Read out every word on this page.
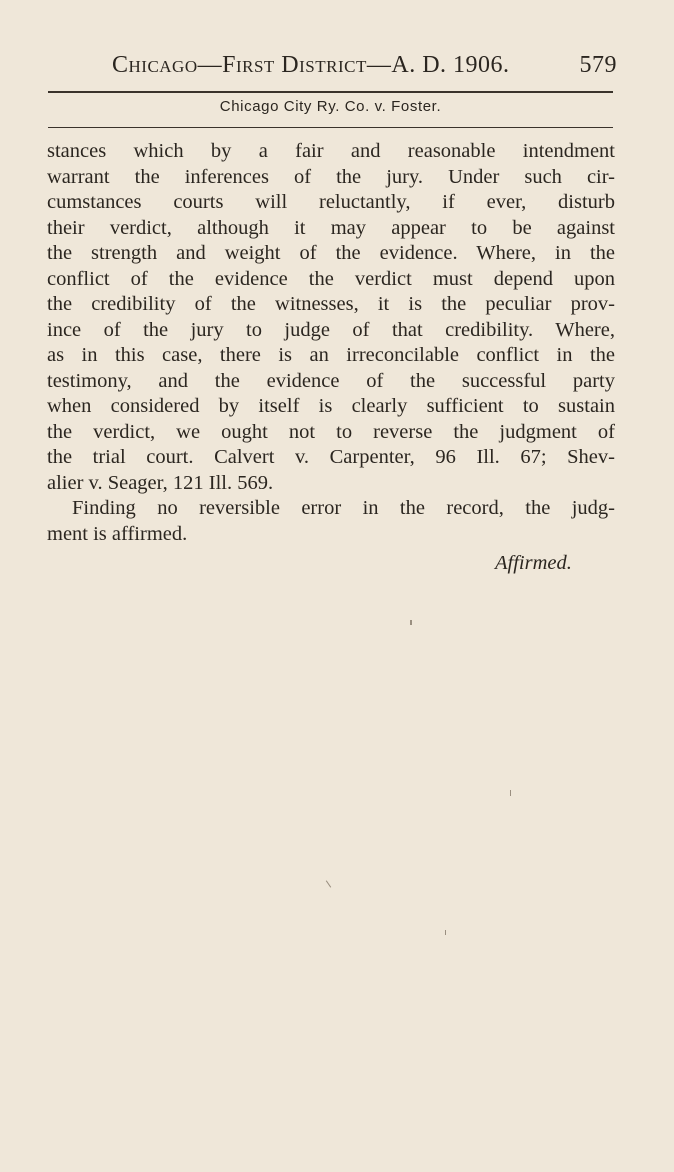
Chicago—First District—A. D. 1906.	579
Chicago City Ry. Co. v. Foster.
stances which by a fair and reasonable intendment
warrant the inferences of the jury. Under such cir-
cumstances courts will reluctantly, if ever, disturb
their verdict, although it may appear to be against
the strength and weight of the evidence. Where, in the
conflict of the evidence the verdict must depend upon
the credibility of the witnesses, it is the peculiar prov-
ince of the jury to judge of that credibility. Where,
as in this case, there is an irreconcilable conflict in the
testimony, and the evidence of the successful party
when considered by itself is clearly sufficient to sustain
the verdict, we ought not to reverse the judgment of
the trial court. Calvert v. Carpenter, 96 Ill. 67; Shev-
alier v. Seager, 121 Ill. 569.
Finding no reversible error in the record, the judg-
ment is affirmed.
Affirmed.
